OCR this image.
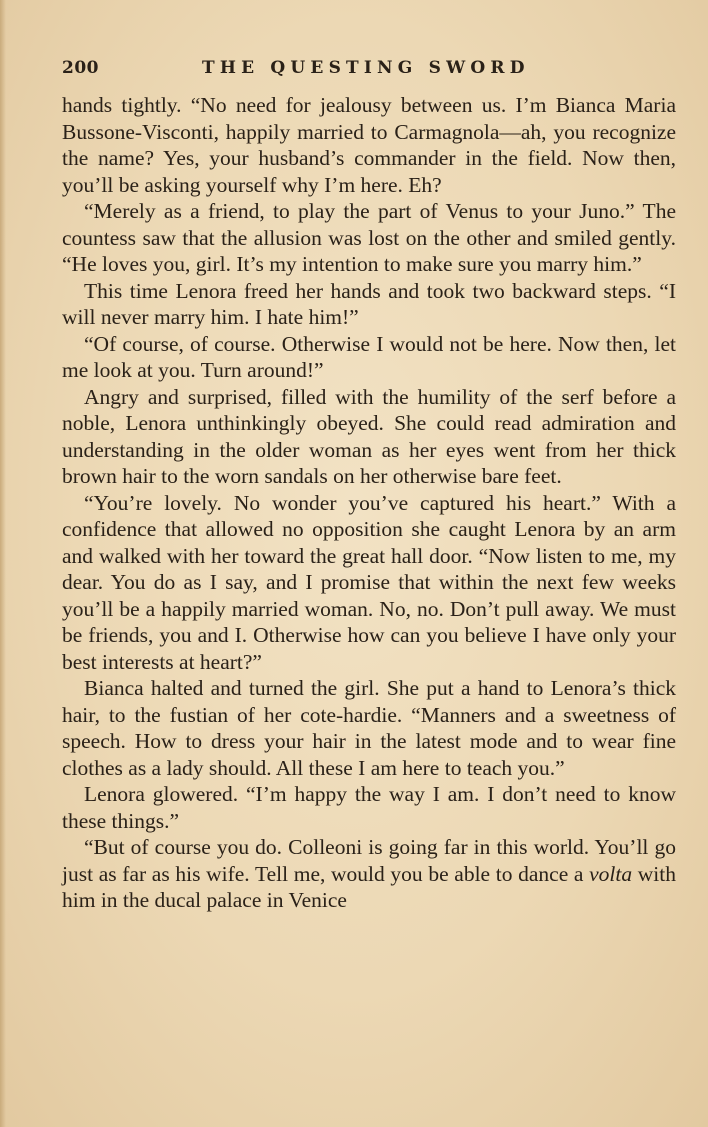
200	THE QUESTING SWORD

hands tightly. “No need for jealousy between us. I’m Bianca Maria Bussone-Visconti, happily married to Carmagnola—ah, you recognize the name? Yes, your husband’s commander in the field. Now then, you’ll be asking yourself why I’m here. Eh?

“Merely as a friend, to play the part of Venus to your Juno.” The countess saw that the allusion was lost on the other and smiled gently. “He loves you, girl. It’s my intention to make sure you marry him.”

This time Lenora freed her hands and took two backward steps. “I will never marry him. I hate him!”

“Of course, of course. Otherwise I would not be here. Now then, let me look at you. Turn around!”

Angry and surprised, filled with the humility of the serf before a noble, Lenora unthinkingly obeyed. She could read admiration and understanding in the older woman as her eyes went from her thick brown hair to the worn sandals on her otherwise bare feet.

“You’re lovely. No wonder you’ve captured his heart.” With a confidence that allowed no opposition she caught Lenora by an arm and walked with her toward the great hall door. “Now listen to me, my dear. You do as I say, and I promise that within the next few weeks you’ll be a happily married woman. No, no. Don’t pull away. We must be friends, you and I. Otherwise how can you believe I have only your best interests at heart?”

Bianca halted and turned the girl. She put a hand to Lenora’s thick hair, to the fustian of her cote-hardie. “Manners and a sweetness of speech. How to dress your hair in the latest mode and to wear fine clothes as a lady should. All these I am here to teach you.”

Lenora glowered. “I’m happy the way I am. I don’t need to know these things.”

“But of course you do. Colleoni is going far in this world. You’ll go just as far as his wife. Tell me, would you be able to dance a volta with him in the ducal palace in Venice
